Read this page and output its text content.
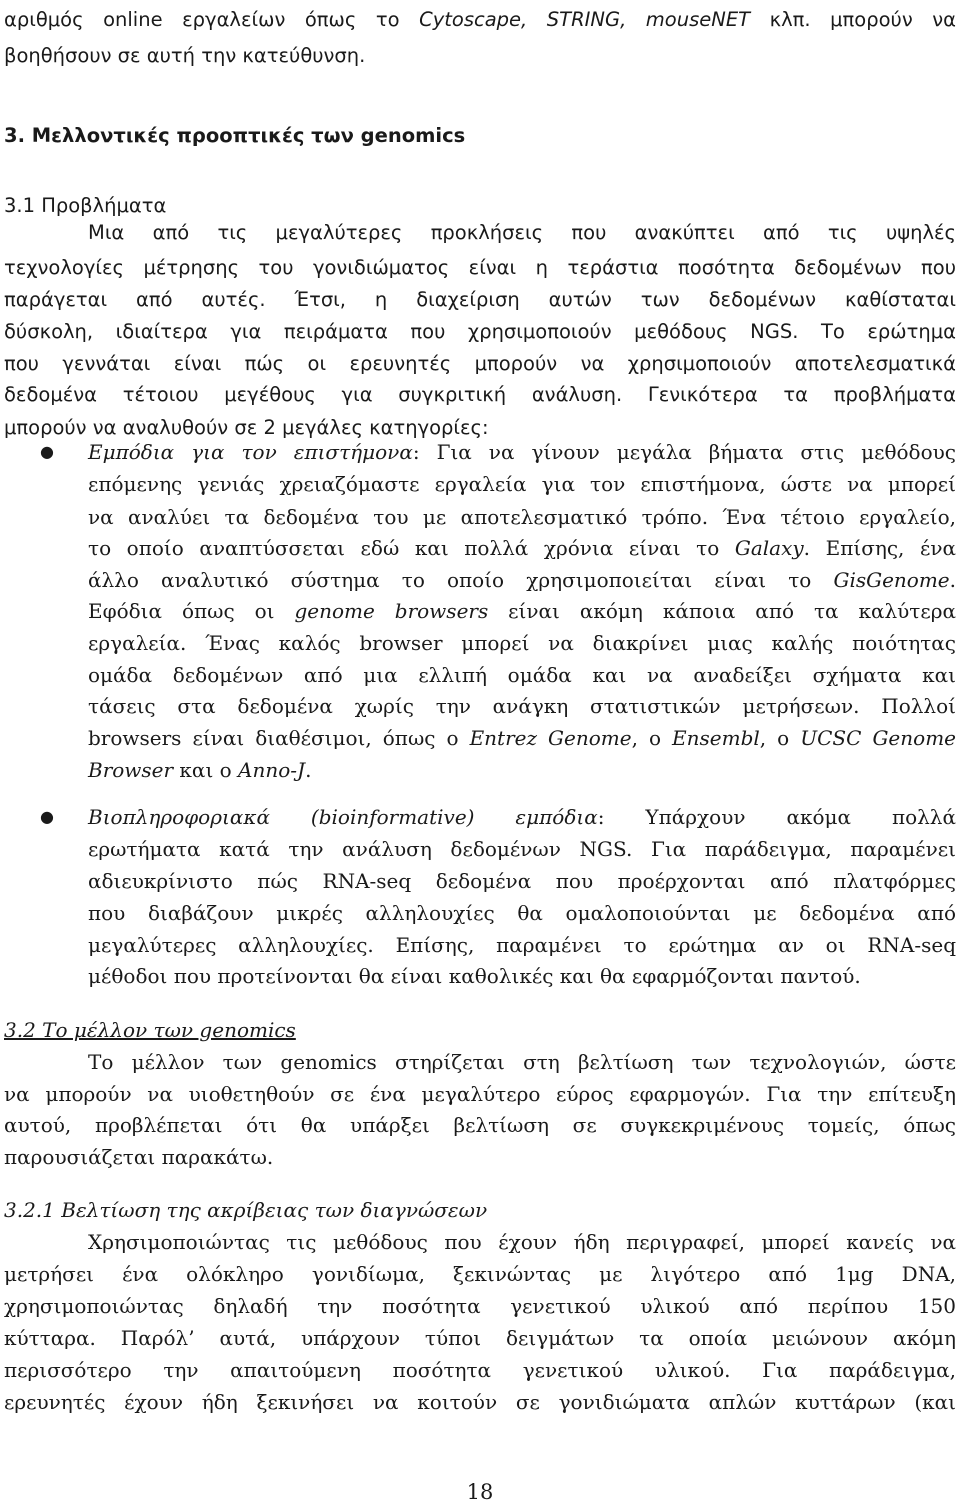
αριθμός online εργαλείων όπως το Cytoscape, STRING, mouseNET κλπ. μπορούν να
βοηθήσουν σε αυτή την κατεύθυνση.
3. Μελλοντικές προοπτικές των genomics
3.1 Προβλήματα
Μια από τις μεγαλύτερες προκλήσεις που ανακύπτει από τις υψηλές
τεχνολογίες μέτρησης του γονιδιώματος είναι η τεράστια ποσότητα δεδομένων που
παράγεται από αυτές. Έτσι, η διαχείριση αυτών των δεδομένων καθίσταται
δύσκολη, ιδιαίτερα για πειράματα που χρησιμοποιούν μεθόδους NGS. Το ερώτημα
που γεννάται είναι πώς οι ερευνητές μπορούν να χρησιμοποιούν αποτελεσματικά
δεδομένα τέτοιου μεγέθους για συγκριτική ανάλυση. Γενικότερα τα προβλήματα
μπορούν να αναλυθούν σε 2 μεγάλες κατηγορίες:
● Εμπόδια για τον επιστήμονα: Για να γίνουν μεγάλα βήματα στις μεθόδους
επόμενης γενιάς χρειαζόμαστε εργαλεία για τον επιστήμονα, ώστε να μπορεί
να αναλύει τα δεδομένα του με αποτελεσματικό τρόπο. Ένα τέτοιο εργαλείο,
το οποίο αναπτύσσεται εδώ και πολλά χρόνια είναι το Galaxy. Επίσης, ένα
άλλο αναλυτικό σύστημα το οποίο χρησιμοποιείται είναι το GisGenome.
Εφόδια όπως οι genome browsers είναι ακόμη κάποια από τα καλύτερα
εργαλεία. Ένας καλός browser μπορεί να διακρίνει μιας καλής ποιότητας
ομάδα δεδομένων από μια ελλιπή ομάδα και να αναδείξει σχήματα και
τάσεις στα δεδομένα χωρίς την ανάγκη στατιστικών μετρήσεων. Πολλοί
browsers είναι διαθέσιμοι, όπως ο Entrez Genome, ο Ensembl, ο UCSC Genome
Browser και ο Anno-J.
● Βιοπληροφοριακά (bioinformative) εμπόδια: Υπάρχουν ακόμα πολλά
ερωτήματα κατά την ανάλυση δεδομένων NGS. Για παράδειγμα, παραμένει
αδιευκρίνιστο πώς RNA-seq δεδομένα που προέρχονται από πλατφόρμες
που διαβάζουν μικρές αλληλουχίες θα ομαλοποιούνται με δεδομένα από
μεγαλύτερες αλληλουχίες. Επίσης, παραμένει το ερώτημα αν οι RNA-seq
μέθοδοι που προτείνονται θα είναι καθολικές και θα εφαρμόζονται παντού.
3.2 Το μέλλον των genomics
Το μέλλον των genomics στηρίζεται στη βελτίωση των τεχνολογιών, ώστε
να μπορούν να υιοθετηθούν σε ένα μεγαλύτερο εύρος εφαρμογών. Για την επίτευξη
αυτού, προβλέπεται ότι θα υπάρξει βελτίωση σε συγκεκριμένους τομείς, όπως
παρουσιάζεται παρακάτω.
3.2.1 Βελτίωση της ακρίβειας των διαγνώσεων
Χρησιμοποιώντας τις μεθόδους που έχουν ήδη περιγραφεί, μπορεί κανείς να
μετρήσει ένα ολόκληρο γονιδίωμα, ξεκινώντας με λιγότερο από 1μg DNA,
χρησιμοποιώντας δηλαδή την ποσότητα γενετικού υλικού από περίπου 150
κύτταρα. Παρόλ’ αυτά, υπάρχουν τύποι δειγμάτων τα οποία μειώνουν ακόμη
περισσότερο την απαιτούμενη ποσότητα γενετικού υλικού. Για παράδειγμα,
ερευνητές έχουν ήδη ξεκινήσει να κοιτούν σε γονιδιώματα απλών κυττάρων (και
18
